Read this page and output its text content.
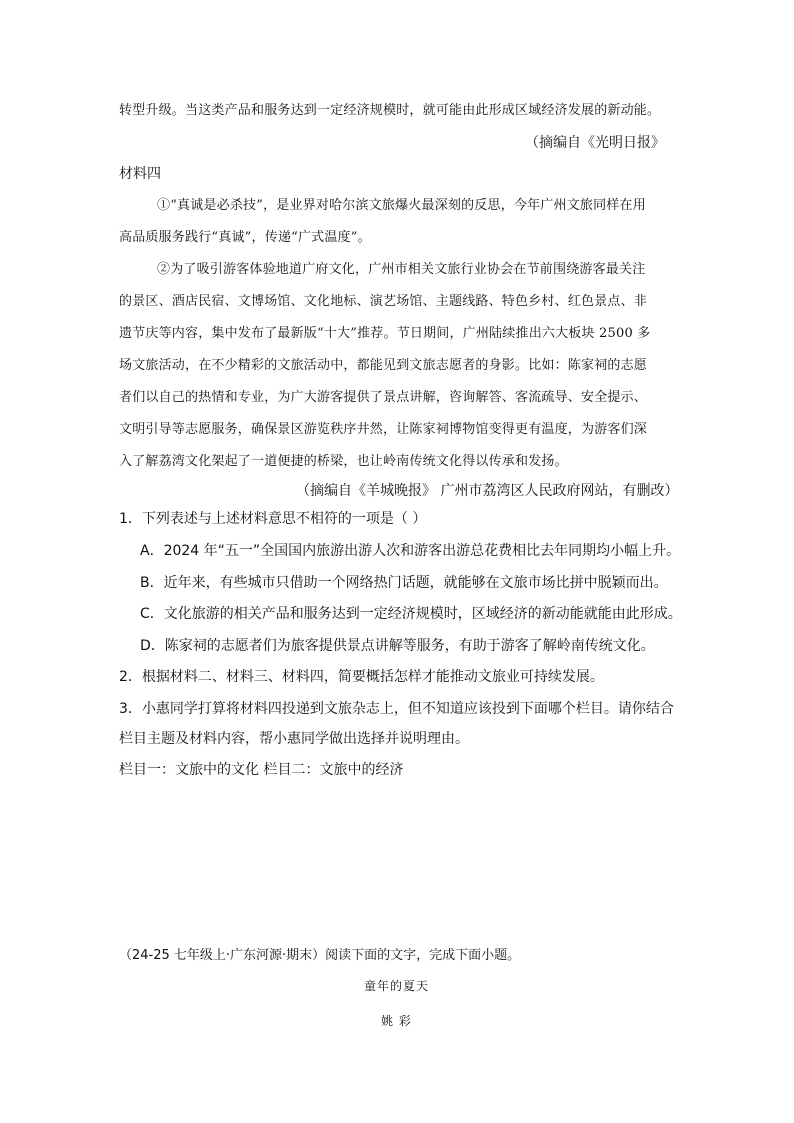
转型升级。当这类产品和服务达到一定经济规模时，就可能由此形成区域经济发展的新动能。
（摘编自《光明日报》
材料四
①“真诚是必杀技”，是业界对哈尔滨文旅爆火最深刻的反思，今年广州文旅同样在用
高品质服务践行“真诚”，传递“广式温度”。
②为了吸引游客体验地道广府文化，广州市相关文旅行业协会在节前围绕游客最关注
的景区、酒店民宿、文博场馆、文化地标、演艺场馆、主题线路、特色乡村、红色景点、非
遗节庆等内容，集中发布了最新版“十大”推荐。节日期间，广州陆续推出六大板块 2500 多
场文旅活动，在不少精彩的文旅活动中，都能见到文旅志愿者的身影。比如：陈家祠的志愿
者们以自己的热情和专业，为广大游客提供了景点讲解，咨询解答、客流疏导、安全提示、
文明引导等志愿服务，确保景区游览秩序井然，让陈家祠博物馆变得更有温度，为游客们深
入了解荔湾文化架起了一道便捷的桥梁，也让岭南传统文化得以传承和发扬。
（摘编自《羊城晚报》 广州市荔湾区人民政府网站，有删改）
1．下列表述与上述材料意思不相符的一项是（ ）
A．2024 年“五一”全国国内旅游出游人次和游客出游总花费相比去年同期均小幅上升。
B．近年来，有些城市只借助一个网络热门话题，就能够在文旅市场比拼中脱颖而出。
C．文化旅游的相关产品和服务达到一定经济规模时，区域经济的新动能就能由此形成。
D．陈家祠的志愿者们为旅客提供景点讲解等服务，有助于游客了解岭南传统文化。
2．根据材料二、材料三、材料四，简要概括怎样才能推动文旅业可持续发展。
3．小惠同学打算将材料四投递到文旅杂志上，但不知道应该投到下面哪个栏目。请你结合
栏目主题及材料内容，帮小惠同学做出选择并说明理由。
栏目一：文旅中的文化 栏目二：文旅中的经济
（24-25 七年级上·广东河源·期末）阅读下面的文字，完成下面小题。
童年的夏天
姚 彩
